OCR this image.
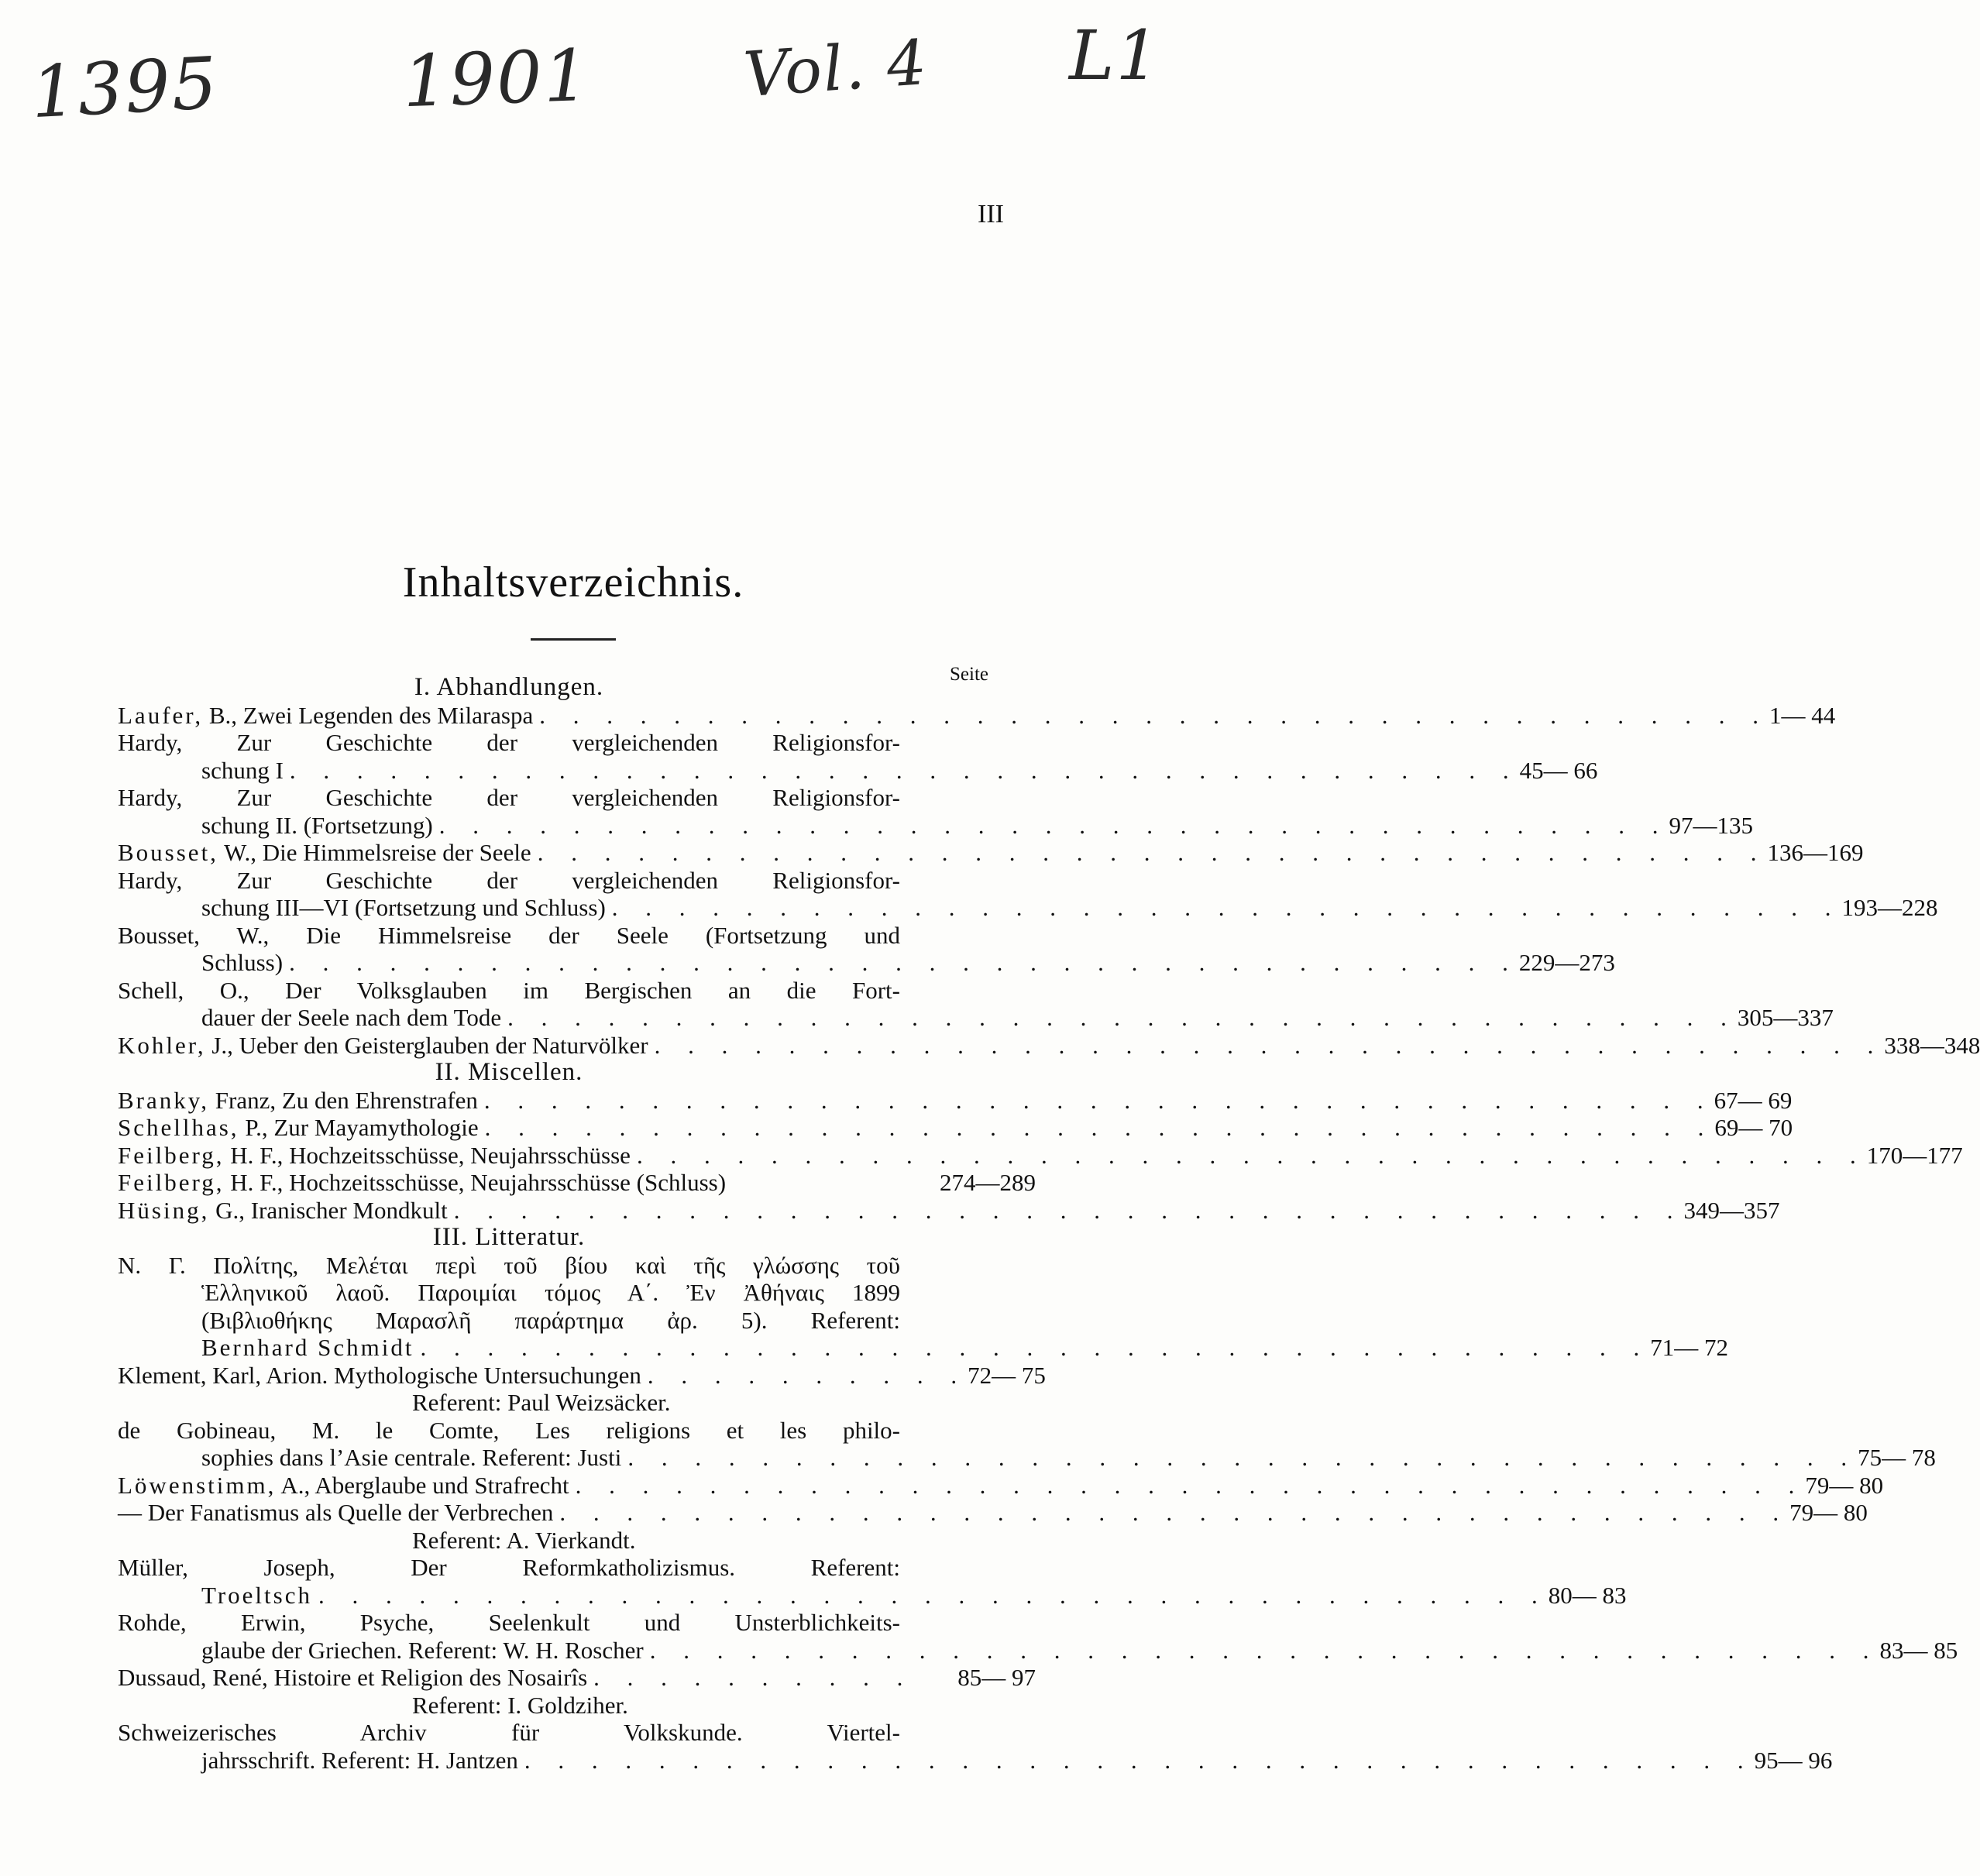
1395	1901 Vol. 4 L1
III
Inhaltsverzeichnis.
Seite
I. Abhandlungen.
Laufer, B., Zwei Legenden des Milaraspa . . . . . . . . . . . . . . . . . . . . . . . . . . . . . . . . . . . . . 1— 44
Hardy, Zur Geschichte der vergleichenden Religionsfor-
schung I . . . . . . . . . . . . . . . . . . . . . . . . . . . . . . . . . . . . . 45— 66
Hardy, Zur Geschichte der vergleichenden Religionsfor-
schung II. (Fortsetzung) . . . . . . . . . . . . . . . . . . . . . . . . . . . . . . . . . . . . . 97—135
Bousset, W., Die Himmelsreise der Seele . . . . . . . . . . . . . . . . . . . . . . . . . . . . . . . . . . . . . 136—169
Hardy, Zur Geschichte der vergleichenden Religionsfor-
schung III—VI (Fortsetzung und Schluss) . . . . . . . . . . . . . . . . . . . . . . . . . . . . . . . . . . . . . 193—228
Bousset, W., Die Himmelsreise der Seele (Fortsetzung und
Schluss) . . . . . . . . . . . . . . . . . . . . . . . . . . . . . . . . . . . . . 229—273
Schell, O., Der Volksglauben im Bergischen an die Fort-
dauer der Seele nach dem Tode . . . . . . . . . . . . . . . . . . . . . . . . . . . . . . . . . . . . . 305—337
Kohler, J., Ueber den Geisterglauben der Naturvölker . . . . . . . . . . . . . . . . . . . . . . . . . . . . . . . . . . . . . 338—348
II. Miscellen.
Branky, Franz, Zu den Ehrenstrafen . . . . . . . . . . . . . . . . . . . . . . . . . . . . . . . . . . . . . 67— 69
Schellhas, P., Zur Mayamythologie . . . . . . . . . . . . . . . . . . . . . . . . . . . . . . . . . . . . . 69— 70
Feilberg, H. F., Hochzeitsschüsse, Neujahrsschüsse . . . . . . . . . . . . . . . . . . . . . . . . . . . . . . . . . . . . . 170—177
Feilberg, H. F., Hochzeitsschüsse, Neujahrsschüsse (Schluss)	274—289
Hüsing, G., Iranischer Mondkult . . . . . . . . . . . . . . . . . . . . . . . . . . . . . . . . . . . . . 349—357
III. Litteratur.
N. Γ. Πολίτης, Μελέται περὶ τοῦ βίου καὶ τῆς γλώσσης τοῦ
Ἑλληνικοῦ λαοῦ. Παροιμίαι τόμος Α΄. Ἐν Ἀθήναις 1899
(Βιβλιοθήκης Μαρασλῆ παράρτημα ἀρ. 5). Referent:
Bernhard Schmidt . . . . . . . . . . . . . . . . . . . . . . . . . . . . . . . . . . . . . 71— 72
Klement, Karl, Arion. Mythologische Untersuchungen . . . . . . . . . . 72— 75
Referent: Paul Weizsäcker.
de Gobineau, M. le Comte, Les religions et les philo-
sophies dans l’Asie centrale. Referent: Justi . . . . . . . . . . . . . . . . . . . . . . . . . . . . . . . . . . . . . 75— 78
Löwenstimm, A., Aberglaube und Strafrecht . . . . . . . . . . . . . . . . . . . . . . . . . . . . . . . . . . . . . 79— 80
— Der Fanatismus als Quelle der Verbrechen . . . . . . . . . . . . . . . . . . . . . . . . . . . . . . . . . . . . . 79— 80
Referent: A. Vierkandt.
Müller, Joseph, Der Reformkatholizismus. Referent:
Troeltsch . . . . . . . . . . . . . . . . . . . . . . . . . . . . . . . . . . . . . 80— 83
Rohde, Erwin, Psyche, Seelenkult und Unsterblichkeits-
glaube der Griechen. Referent: W. H. Roscher . . . . . . . . . . . . . . . . . . . . . . . . . . . . . . . . . . . . . 83— 85
Dussaud, René, Histoire et Religion des Nosairîs . . . . . . . . . .	85— 97
Referent: I. Goldziher.
Schweizerisches Archiv für Volkskunde. Viertel-
jahrsschrift. Referent: H. Jantzen . . . . . . . . . . . . . . . . . . . . . . . . . . . . . . . . . . . . . 95— 96
